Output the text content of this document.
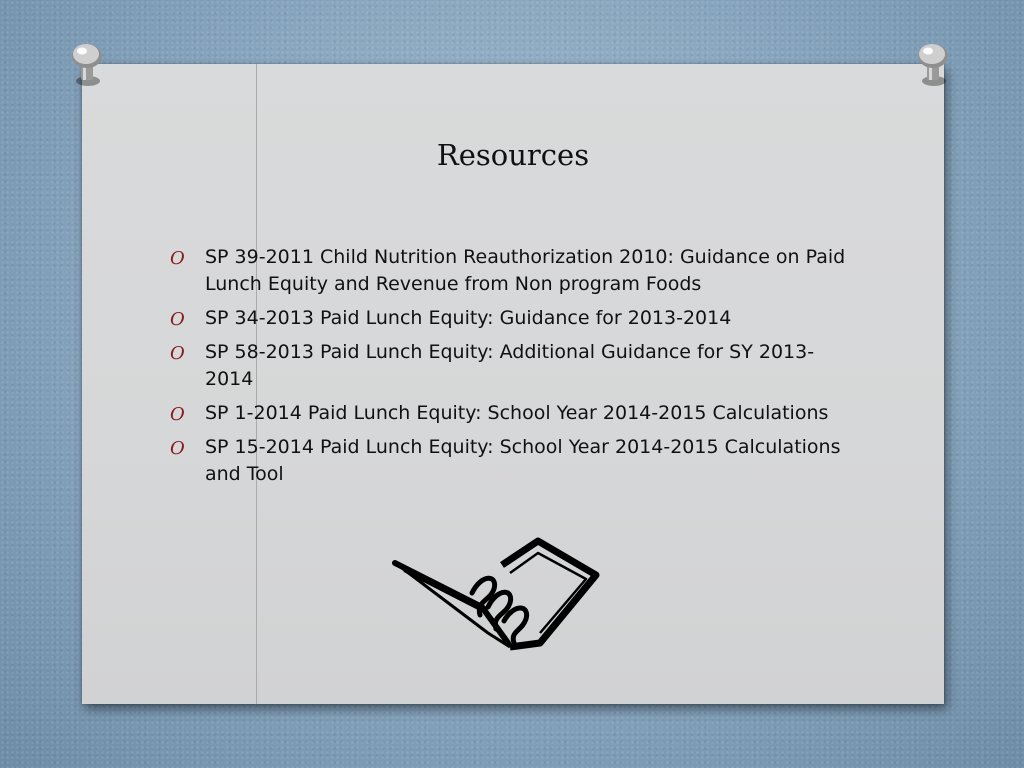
Resources
O SP 39-2011 Child Nutrition Reauthorization 2010: Guidance on Paid Lunch Equity and Revenue from Non program Foods
O SP 34-2013 Paid Lunch Equity: Guidance for 2013-2014
O SP 58-2013 Paid Lunch Equity: Additional Guidance for SY 2013-2014
O SP 1-2014 Paid Lunch Equity: School Year 2014-2015 Calculations
O SP 15-2014 Paid Lunch Equity: School Year 2014-2015 Calculations and Tool
